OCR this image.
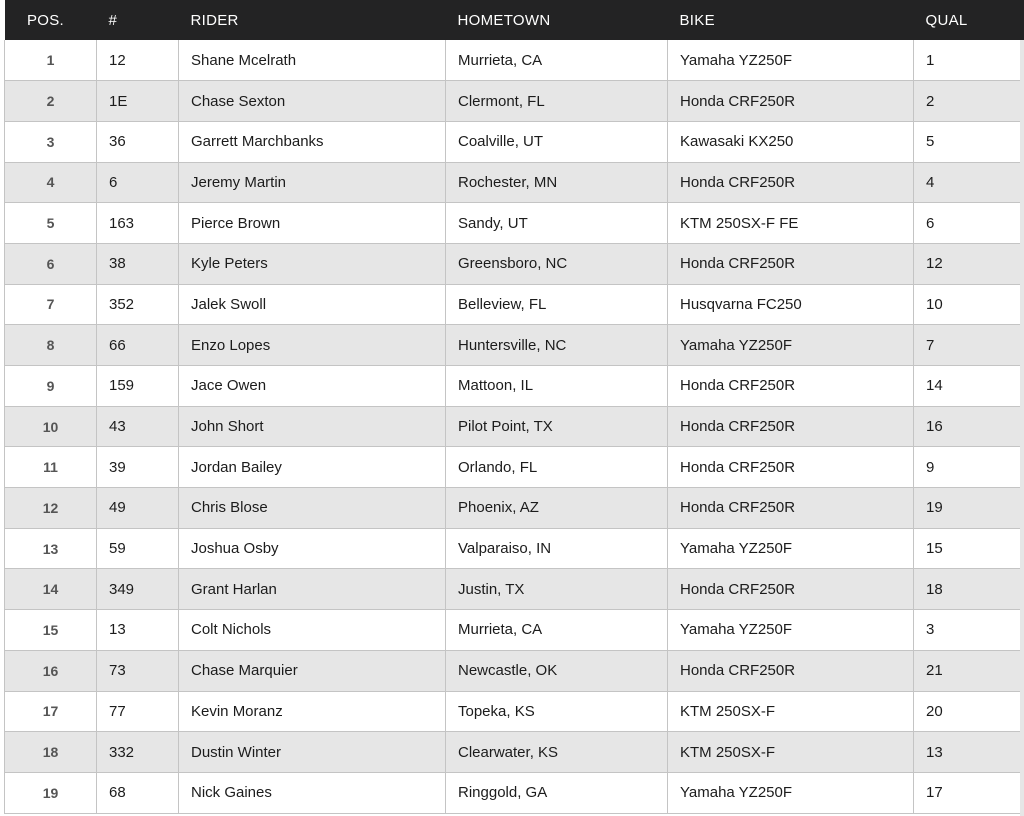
POS.	#	RIDER	HOMETOWN	BIKE	QUAL
1	12	Shane Mcelrath	Murrieta, CA	Yamaha YZ250F	1
2	1E	Chase Sexton	Clermont, FL	Honda CRF250R	2
3	36	Garrett Marchbanks	Coalville, UT	Kawasaki KX250	5
4	6	Jeremy Martin	Rochester, MN	Honda CRF250R	4
5	163	Pierce Brown	Sandy, UT	KTM 250SX-F FE	6
6	38	Kyle Peters	Greensboro, NC	Honda CRF250R	12
7	352	Jalek Swoll	Belleview, FL	Husqvarna FC250	10
8	66	Enzo Lopes	Huntersville, NC	Yamaha YZ250F	7
9	159	Jace Owen	Mattoon, IL	Honda CRF250R	14
10	43	John Short	Pilot Point, TX	Honda CRF250R	16
11	39	Jordan Bailey	Orlando, FL	Honda CRF250R	9
12	49	Chris Blose	Phoenix, AZ	Honda CRF250R	19
13	59	Joshua Osby	Valparaiso, IN	Yamaha YZ250F	15
14	349	Grant Harlan	Justin, TX	Honda CRF250R	18
15	13	Colt Nichols	Murrieta, CA	Yamaha YZ250F	3
16	73	Chase Marquier	Newcastle, OK	Honda CRF250R	21
17	77	Kevin Moranz	Topeka, KS	KTM 250SX-F	20
18	332	Dustin Winter	Clearwater, KS	KTM 250SX-F	13
19	68	Nick Gaines	Ringgold, GA	Yamaha YZ250F	17
